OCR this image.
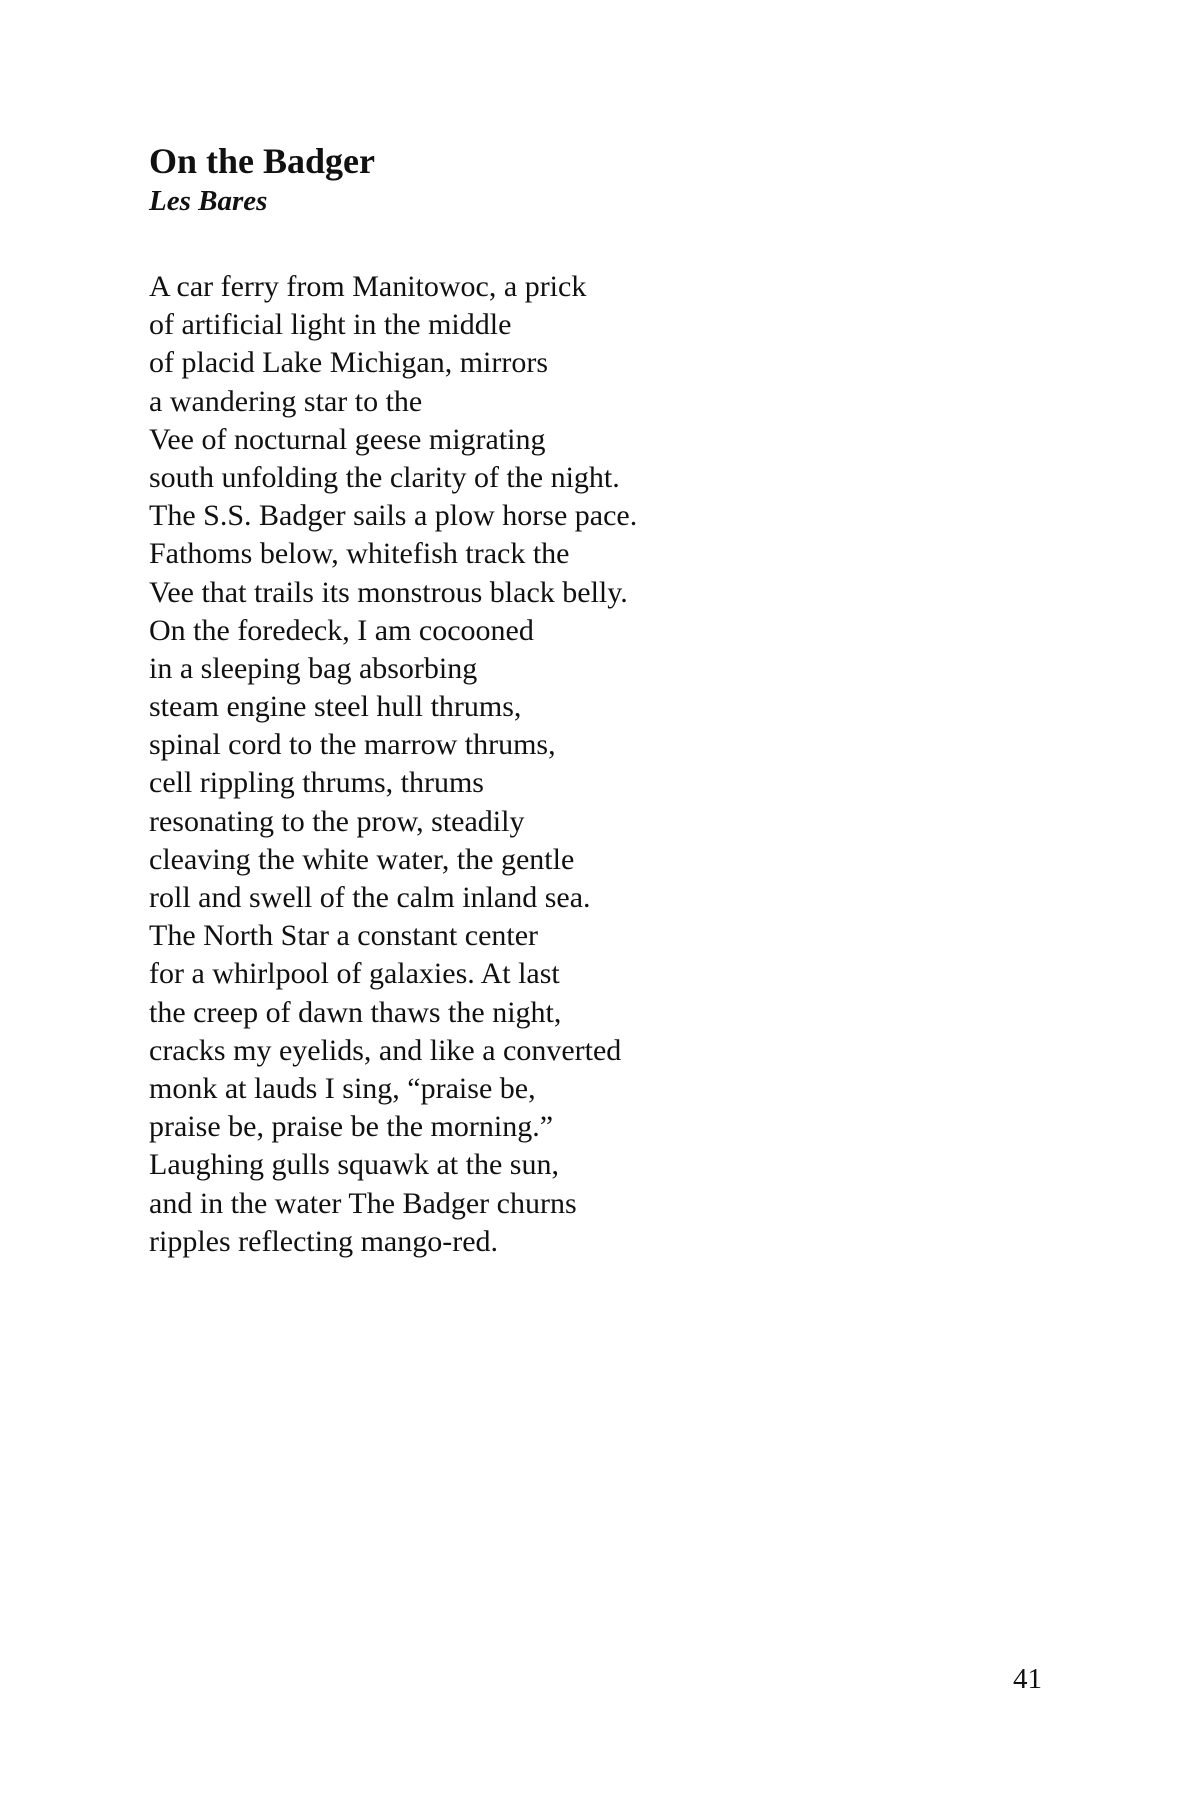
On the Badger

Les Bares

A car ferry from Manitowoc, a prick
of artificial light in the middle
of placid Lake Michigan, mirrors
a wandering star to the
Vee of nocturnal geese migrating
south unfolding the clarity of the night.
The S.S. Badger sails a plow horse pace.
Fathoms below, whitefish track the
Vee that trails its monstrous black belly.
On the foredeck, I am cocooned
in a sleeping bag absorbing
steam engine steel hull thrums,
spinal cord to the marrow thrums,
cell rippling thrums, thrums
resonating to the prow, steadily
cleaving the white water, the gentle
roll and swell of the calm inland sea.
The North Star a constant center
for a whirlpool of galaxies. At last
the creep of dawn thaws the night,
cracks my eyelids, and like a converted
monk at lauds I sing, “praise be,
praise be, praise be the morning.”
Laughing gulls squawk at the sun,
and in the water The Badger churns
ripples reflecting mango-red.

41
